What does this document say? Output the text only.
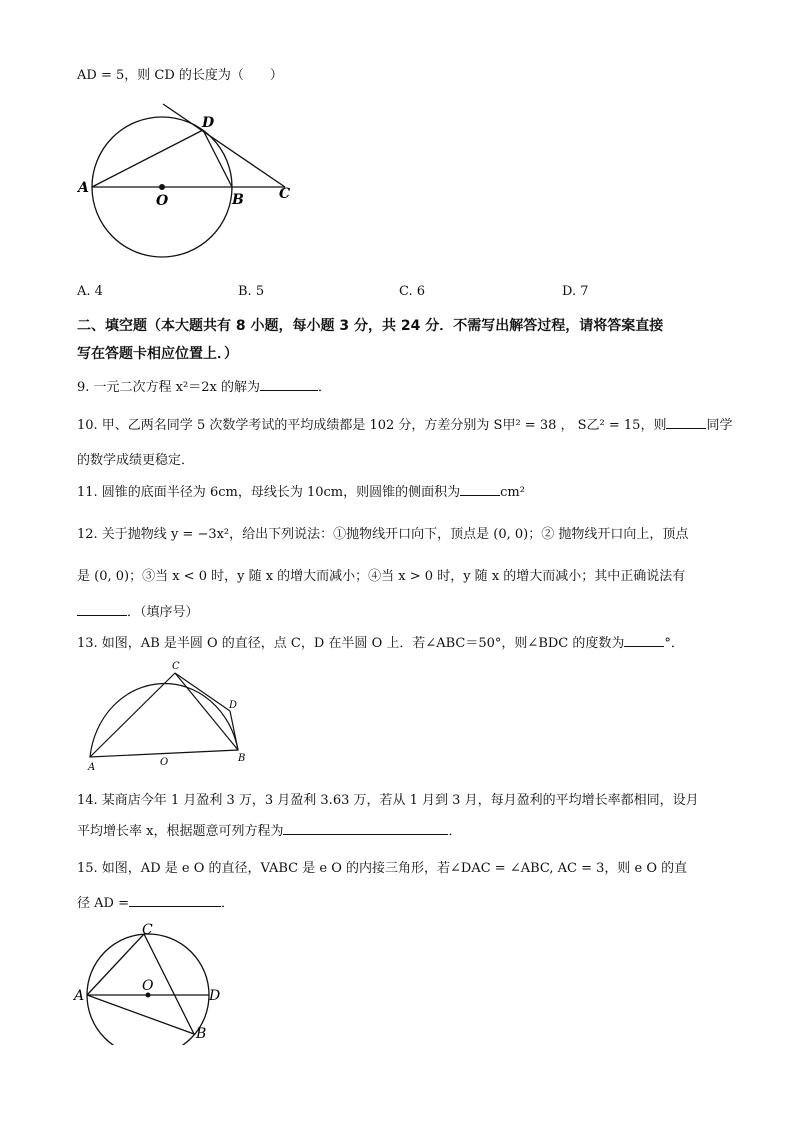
AD = 5，则 CD 的长度为（　　）
D
A
O	B	C
A. 4	B. 5	C. 6	D. 7
二、填空题（本大题共有 8 小题，每小题 3 分，共 24 分．不需写出解答过程，请将答案直接
写在答题卡相应位置上．）
9. 一元二次方程 x²＝2x 的解为	．
10. 甲、乙两名同学 5 次数学考试的平均成绩都是 102 分，方差分别为 S甲² = 38 ， S乙² = 15，则	同学
的数学成绩更稳定．
11. 圆锥的底面半径为 6cm，母线长为 10cm，则圆锥的侧面积为	cm²
12. 关于抛物线 y = −3x²，给出下列说法：①抛物线开口向下，顶点是 (0, 0)；② 抛物线开口向上，顶点
是 (0, 0)；③当 x < 0 时，y 随 x 的增大而减小；④当 x > 0 时，y 随 x 的增大而减小；其中正确说法有
．（填序号）
13. 如图，AB 是半圆 O 的直径，点 C，D 在半圆 O 上．若∠ABC＝50°，则∠BDC 的度数为	°．
C
D
O
A
B
14. 某商店今年 1 月盈利 3 万，3 月盈利 3.63 万，若从 1 月到 3 月，每月盈利的平均增长率都相同，设月
平均增长率 x，根据题意可列方程为	．
15. 如图，AD 是 e O 的直径，VABC 是 e O 的内接三角形，若∠DAC = ∠ABC, AC = 3，则 e O 的直
径 AD =	．
C
O
A	D
B
